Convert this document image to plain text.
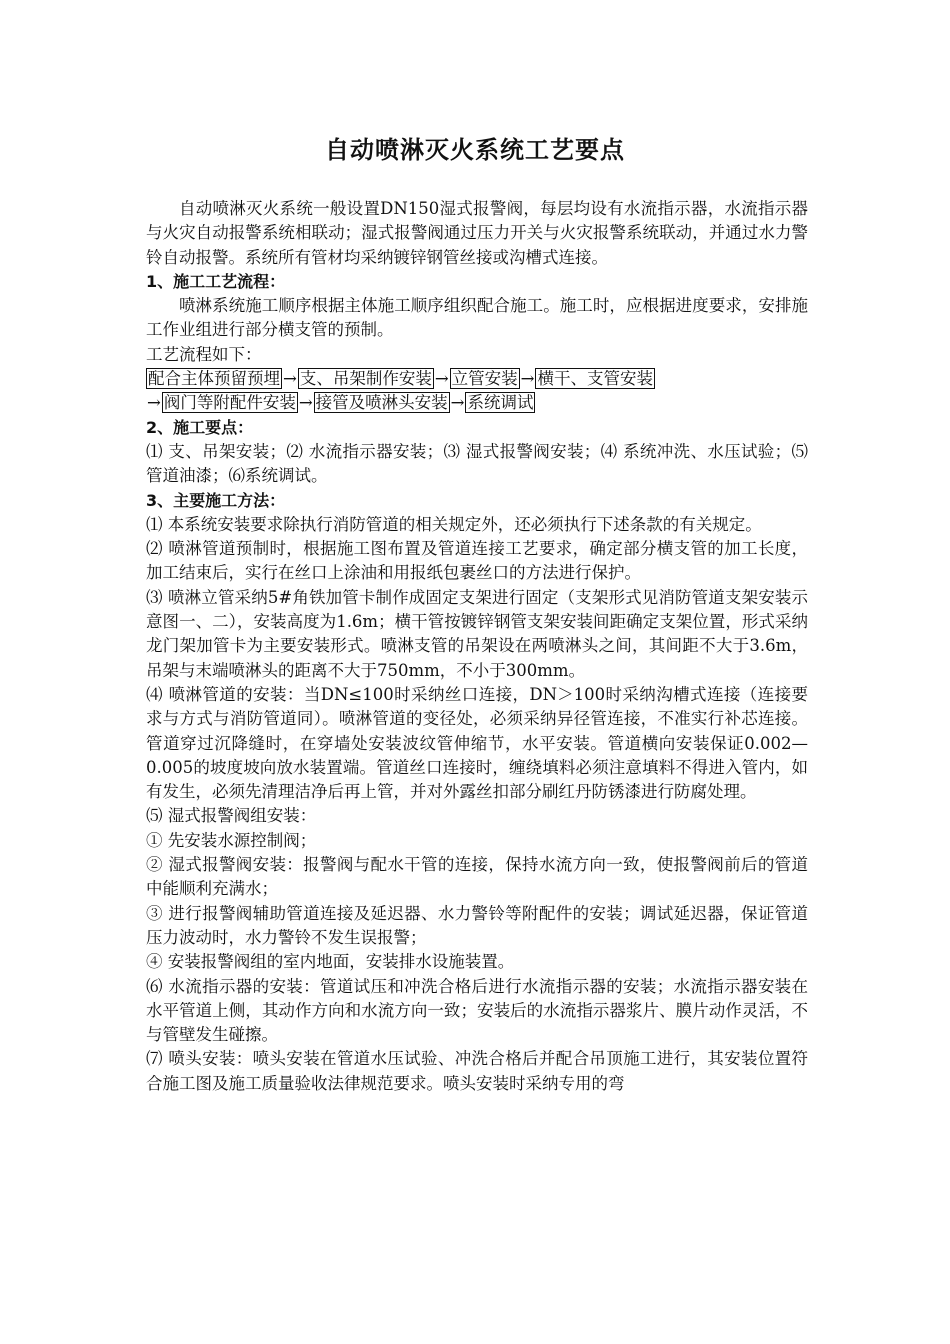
自动喷淋灭火系统工艺要点

自动喷淋灭火系统一般设置DN150湿式报警阀，每层均设有水流指示器，水流指示器与火灾自动报警系统相联动；湿式报警阀通过压力开关与火灾报警系统联动，并通过水力警铃自动报警。系统所有管材均采纳镀锌钢管丝接或沟槽式连接。

1、施工工艺流程：

喷淋系统施工顺序根据主体施工顺序组织配合施工。施工时，应根据进度要求，安排施工作业组进行部分横支管的预制。

工艺流程如下：

配合主体预留预埋 → 支、吊架制作安装 → 立管安装 → 横干、支管安装

→ 阀门等附配件安装 → 接管及喷淋头安装 → 系统调试

2、施工要点：

⑴ 支、吊架安装；⑵ 水流指示器安装；⑶ 湿式报警阀安装；⑷ 系统冲洗、水压试验；⑸ 管道油漆；⑹系统调试。

3、主要施工方法：

⑴ 本系统安装要求除执行消防管道的相关规定外，还必须执行下述条款的有关规定。

⑵ 喷淋管道预制时，根据施工图布置及管道连接工艺要求，确定部分横支管的加工长度，加工结束后，实行在丝口上涂油和用报纸包裹丝口的方法进行保护。

⑶ 喷淋立管采纳5#角铁加管卡制作成固定支架进行固定（支架形式见消防管道支架安装示意图一、二），安装高度为1.6m；横干管按镀锌钢管支架安装间距确定支架位置，形式采纳龙门架加管卡为主要安装形式。喷淋支管的吊架设在两喷淋头之间，其间距不大于3.6m，吊架与末端喷淋头的距离不大于750mm，不小于300mm。

⑷ 喷淋管道的安装：当DN≤100时采纳丝口连接，DN＞100时采纳沟槽式连接（连接要求与方式与消防管道同）。喷淋管道的变径处，必须采纳异径管连接，不准实行补芯连接。管道穿过沉降缝时，在穿墙处安装波纹管伸缩节，水平安装。管道横向安装保证0.002—0.005的坡度坡向放水装置端。管道丝口连接时，缠绕填料必须注意填料不得进入管内，如有发生，必须先清理洁净后再上管，并对外露丝扣部分刷红丹防锈漆进行防腐处理。

⑸ 湿式报警阀组安装：

① 先安装水源控制阀；

② 湿式报警阀安装：报警阀与配水干管的连接，保持水流方向一致，使报警阀前后的管道中能顺利充满水；

③ 进行报警阀辅助管道连接及延迟器、水力警铃等附配件的安装；调试延迟器，保证管道压力波动时，水力警铃不发生误报警；

④ 安装报警阀组的室内地面，安装排水设施装置。

⑹ 水流指示器的安装：管道试压和冲洗合格后进行水流指示器的安装；水流指示器安装在水平管道上侧，其动作方向和水流方向一致；安装后的水流指示器浆片、膜片动作灵活，不与管壁发生碰擦。

⑺ 喷头安装：喷头安装在管道水压试验、冲洗合格后并配合吊顶施工进行，其安装位置符合施工图及施工质量验收法律规范要求。喷头安装时采纳专用的弯
